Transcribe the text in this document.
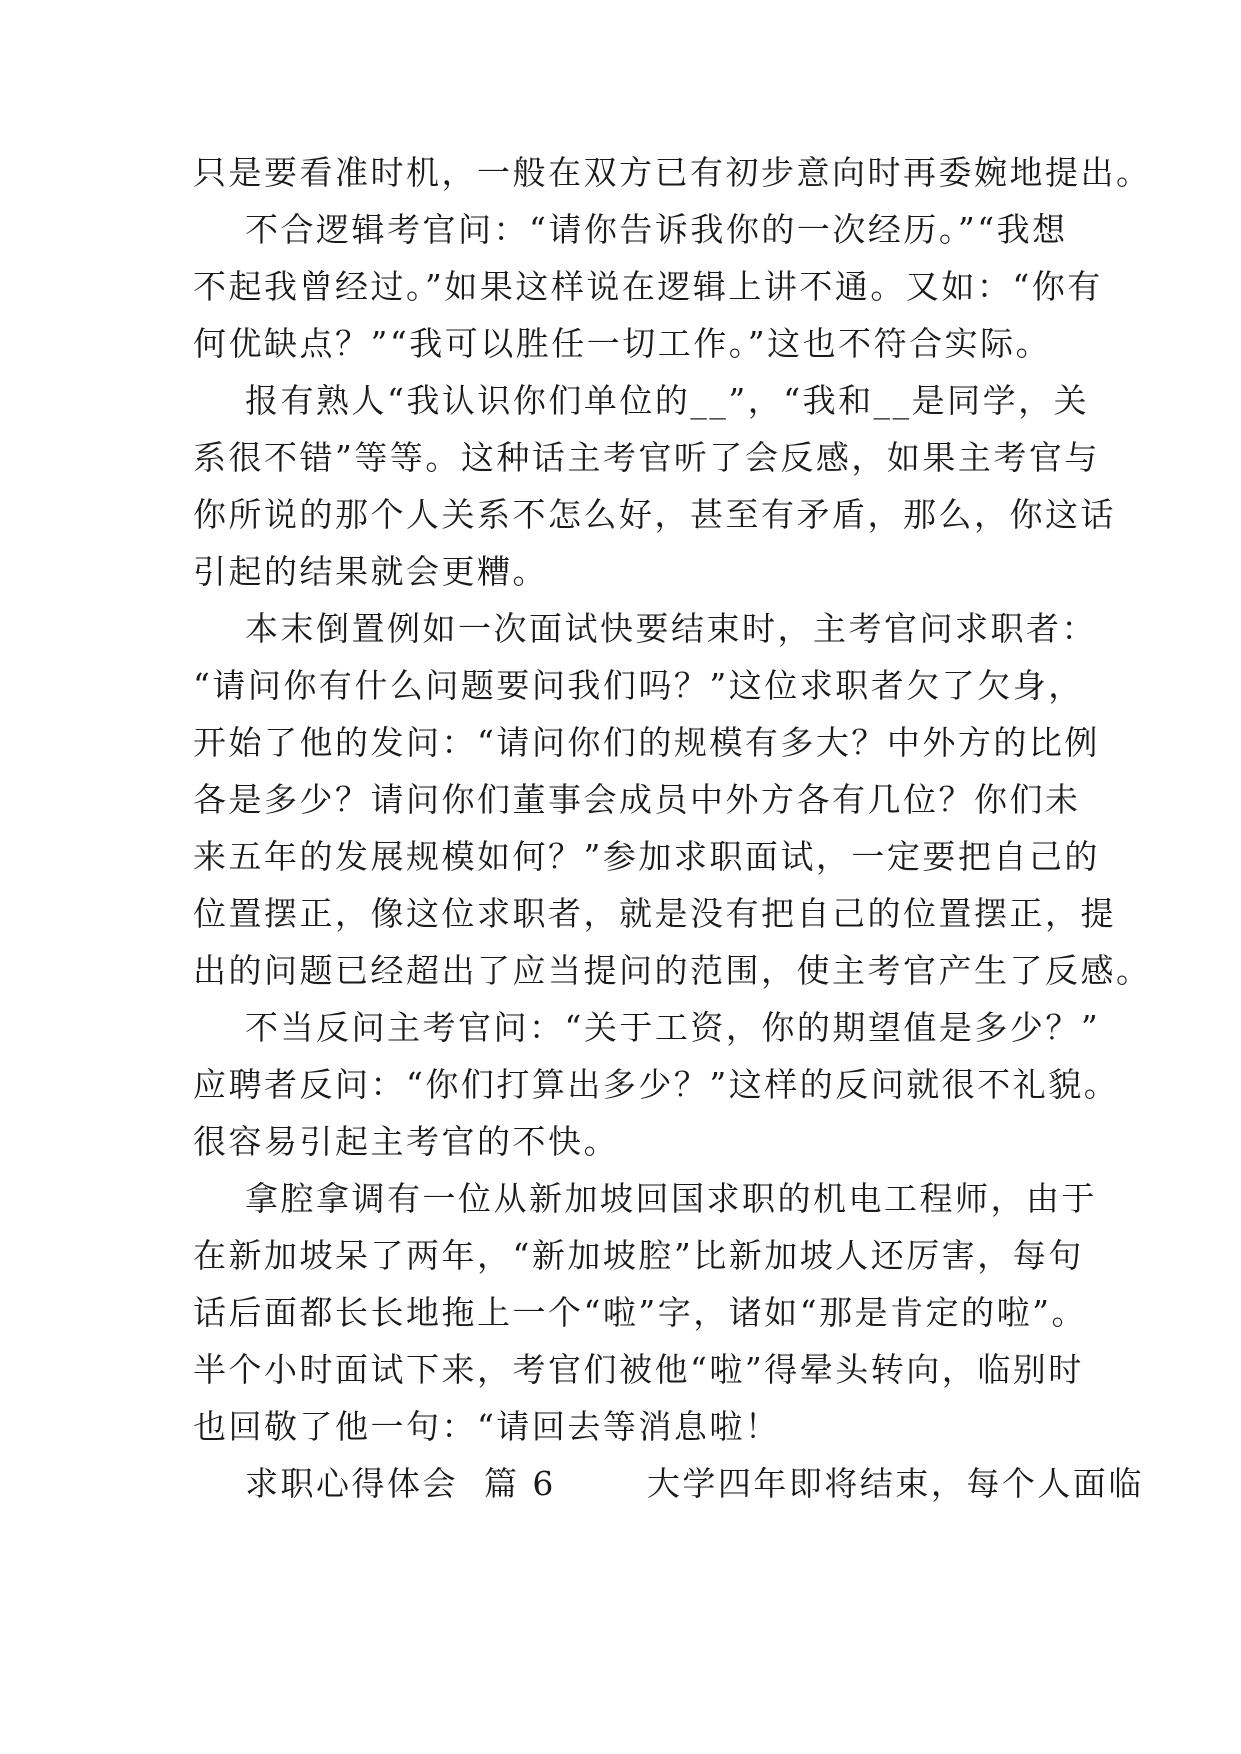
只是要看准时机，一般在双方已有初步意向时再委婉地提出。

不合逻辑考官问：“请你告诉我你的一次经历。”“我想

不起我曾经过。”如果这样说在逻辑上讲不通。又如：“你有

何优缺点？”“我可以胜任一切工作。”这也不符合实际。

报有熟人“我认识你们单位的__”，“我和__是同学，关

系很不错”等等。这种话主考官听了会反感，如果主考官与

你所说的那个人关系不怎么好，甚至有矛盾，那么，你这话

引起的结果就会更糟。

本末倒置例如一次面试快要结束时，主考官问求职者：

“请问你有什么问题要问我们吗？”这位求职者欠了欠身，

开始了他的发问：“请问你们的规模有多大？中外方的比例

各是多少？请问你们董事会成员中外方各有几位？你们未

来五年的发展规模如何？”参加求职面试，一定要把自己的

位置摆正，像这位求职者，就是没有把自己的位置摆正，提

出的问题已经超出了应当提问的范围，使主考官产生了反感。

不当反问主考官问：“关于工资，你的期望值是多少？”

应聘者反问：“你们打算出多少？”这样的反问就很不礼貌。

很容易引起主考官的不快。

拿腔拿调有一位从新加坡回国求职的机电工程师，由于

在新加坡呆了两年，“新加坡腔”比新加坡人还厉害，每句

话后面都长长地拖上一个“啦”字，诸如“那是肯定的啦”。

半个小时面试下来，考官们被他“啦”得晕头转向，临别时

也回敬了他一句：“请回去等消息啦！

求职心得体会  篇 6       大学四年即将结束，每个人面临
